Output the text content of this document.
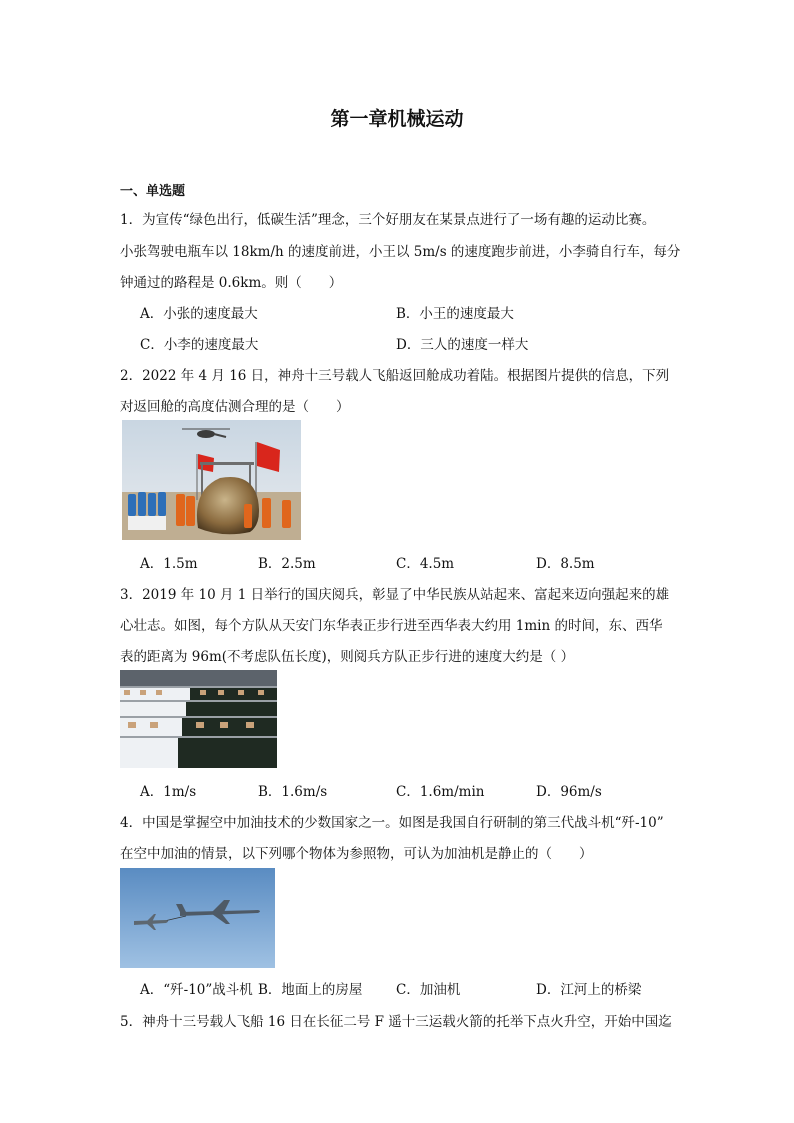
第一章机械运动
一、单选题
1．为宣传“绿色出行，低碳生活”理念，三个好朋友在某景点进行了一场有趣的运动比赛。
小张驾驶电瓶车以 18km/h 的速度前进，小王以 5m/s 的速度跑步前进，小李骑自行车，每分
钟通过的路程是 0.6km。则（　　）
A．小张的速度最大	B．小王的速度最大
C．小李的速度最大	D．三人的速度一样大
2．2022 年 4 月 16 日，神舟十三号载人飞船返回舱成功着陆。根据图片提供的信息，下列
对返回舱的高度估测合理的是（　　）
A．1.5m	B．2.5m	C．4.5m	D．8.5m
3．2019 年 10 月 1 日举行的国庆阅兵，彰显了中华民族从站起来、富起来迈向强起来的雄
心壮志。如图，每个方队从天安门东华表正步行进至西华表大约用 1min 的时间，东、西华
表的距离为 96m(不考虑队伍长度)，则阅兵方队正步行进的速度大约是（ ）
A．1m/s	B．1.6m/s	C．1.6m/min	D．96m/s
4．中国是掌握空中加油技术的少数国家之一。如图是我国自行研制的第三代战斗机“歼-10”
在空中加油的情景，以下列哪个物体为参照物，可认为加油机是静止的（　　）
A．“歼-10”战斗机 B．地面上的房屋 C．加油机	D．江河上的桥梁
5．神舟十三号载人飞船 16 日在长征二号 F 遥十三运载火箭的托举下点火升空，开始中国迄
